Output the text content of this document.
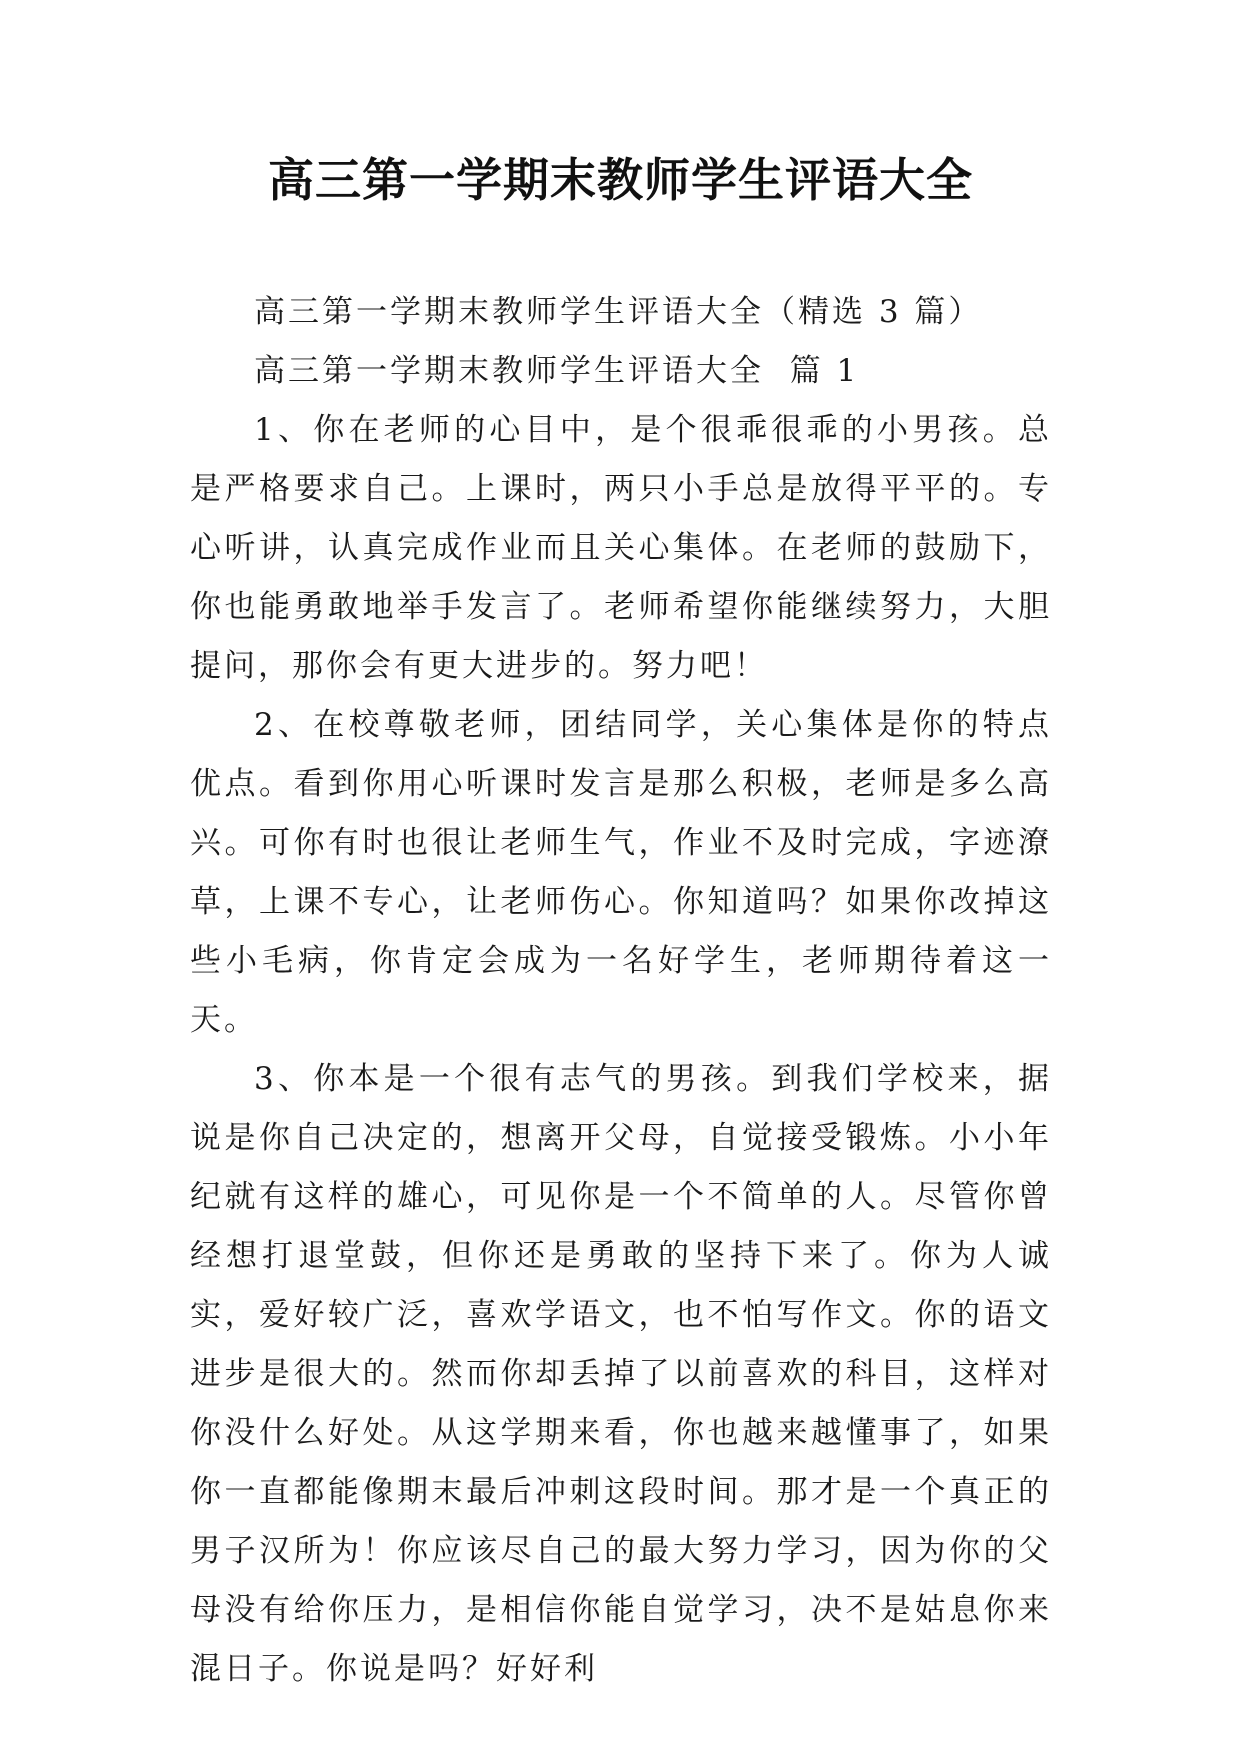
高三第一学期末教师学生评语大全

高三第一学期末教师学生评语大全（精选 3 篇）

高三第一学期末教师学生评语大全  篇 1

1、你在老师的心目中，是个很乖很乖的小男孩。总是严格要求自己。上课时，两只小手总是放得平平的。专心听讲，认真完成作业而且关心集体。在老师的鼓励下，你也能勇敢地举手发言了。老师希望你能继续努力，大胆提问，那你会有更大进步的。努力吧！

2、在校尊敬老师，团结同学，关心集体是你的特点优点。看到你用心听课时发言是那么积极，老师是多么高兴。可你有时也很让老师生气，作业不及时完成，字迹潦草，上课不专心，让老师伤心。你知道吗？如果你改掉这些小毛病，你肯定会成为一名好学生，老师期待着这一天。

3、你本是一个很有志气的男孩。到我们学校来，据说是你自己决定的，想离开父母，自觉接受锻炼。小小年纪就有这样的雄心，可见你是一个不简单的人。尽管你曾经想打退堂鼓，但你还是勇敢的坚持下来了。你为人诚实，爱好较广泛，喜欢学语文，也不怕写作文。你的语文进步是很大的。然而你却丢掉了以前喜欢的科目，这样对你没什么好处。从这学期来看，你也越来越懂事了，如果你一直都能像期末最后冲刺这段时间。那才是一个真正的男子汉所为！你应该尽自己的最大努力学习，因为你的父母没有给你压力，是相信你能自觉学习，决不是姑息你来混日子。你说是吗？好好利
